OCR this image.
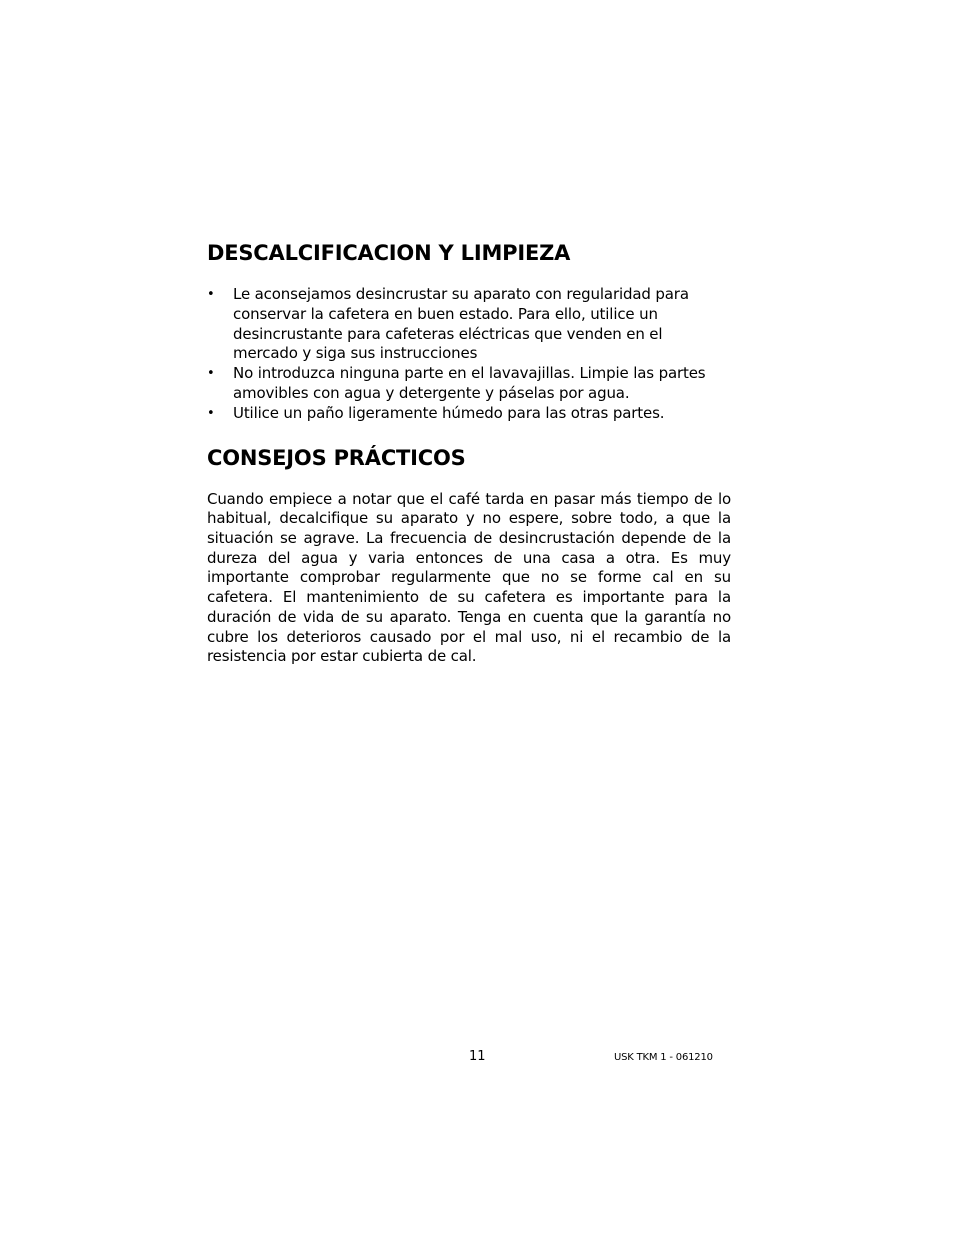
DESCALCIFICACION Y LIMPIEZA
• Le aconsejamos desincrustar su aparato con regularidad para conservar la cafetera en buen estado. Para ello, utilice un desincrustante para cafeteras eléctricas que venden en el mercado y siga sus instrucciones
• No introduzca ninguna parte en el lavavajillas. Limpie las partes amovibles con agua y detergente y páselas por agua.
• Utilice un paño ligeramente húmedo para las otras partes.
CONSEJOS PRÁCTICOS

Cuando empiece a notar que el café tarda en pasar más tiempo de lo habitual, decalcifique su aparato y no espere, sobre todo, a que la situación se agrave. La frecuencia de desincrustación depende de la dureza del agua y varia entonces de una casa a otra. Es muy importante comprobar regularmente que no se forme cal en su cafetera. El mantenimiento de su cafetera es importante para la duración de vida de su aparato. Tenga en cuenta que la garantía no cubre los deterioros causado por el mal uso, ni el recambio de la resistencia por estar cubierta de cal.

11	USK TKM 1 - 061210
